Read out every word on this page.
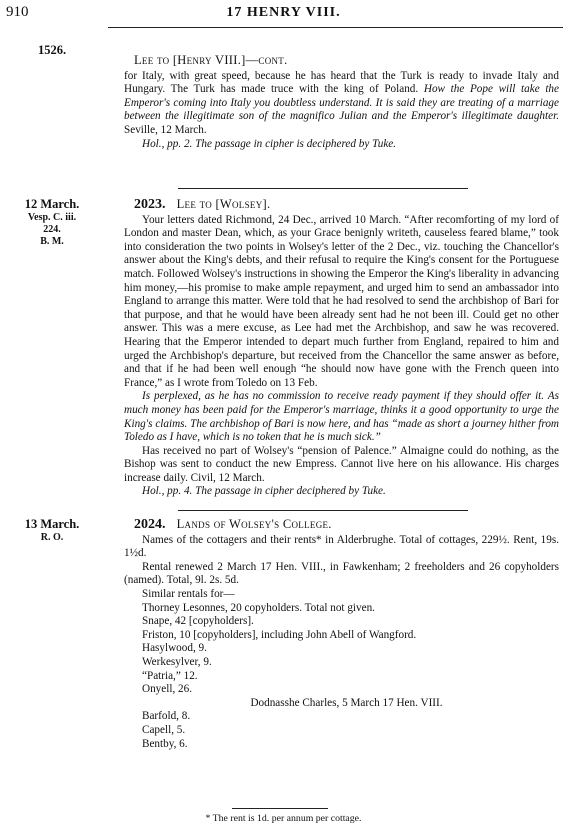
910	17 HENRY VIII.
1526.
Lee to [Henry VIII.]—cont.

for Italy, with great speed, because he has heard that the Turk is ready to invade Italy and Hungary. The Turk has made truce with the king of Poland. How the Pope will take the Emperor's coming into Italy you doubtless understand. It is said they are treating of a marriage between the illegitimate son of the magnifico Julian and the Emperor's illegitimate daughter. Seville, 12 March.

Hol., pp. 2. The passage in cipher is deciphered by Tuke.

12 March.
Vesp. C. iii.
224.
B. M.
2023. Lee to [Wolsey].

Your letters dated Richmond, 24 Dec., arrived 10 March. “After recomforting of my lord of London and master Dean, which, as your Grace benignly writeth, causeless feared blame,” took into consideration the two points in Wolsey's letter of the 2 Dec., viz. touching the Chancellor's answer about the King's debts, and their refusal to require the King's consent for the Portuguese match. Followed Wolsey's instructions in showing the Emperor the King's liberality in advancing him money,—his promise to make ample repayment, and urged him to send an ambassador into England to arrange this matter. Were told that he had resolved to send the archbishop of Bari for that purpose, and that he would have been already sent had he not been ill. Could get no other answer. This was a mere excuse, as Lee had met the Archbishop, and saw he was recovered. Hearing that the Emperor intended to depart much further from England, repaired to him and urged the Archbishop's departure, but received from the Chancellor the same answer as before, and that if he had been well enough “he should now have gone with the French queen into France,” as I wrote from Toledo on 13 Feb.

Is perplexed, as he has no commission to receive ready payment if they should offer it. As much money has been paid for the Emperor's marriage, thinks it a good opportunity to urge the King's claims. The archbishop of Bari is now here, and has “made as short a journey hither from Toledo as I have, which is no token that he is much sick.”

Has received no part of Wolsey's “pension of Palence.” Almaigne could do nothing, as the Bishop was sent to conduct the new Empress. Cannot live here on his allowance. His charges increase daily. Civil, 12 March.

Hol., pp. 4. The passage in cipher deciphered by Tuke.

13 March.
R. O.
2024. Lands of Wolsey's College.

Names of the cottagers and their rents* in Alderbrughe. Total of cottages, 229½. Rent, 19s. 1½d.

Rental renewed 2 March 17 Hen. VIII., in Fawkenham; 2 freeholders and 26 copyholders (named). Total, 9l. 2s. 5d.

Similar rentals for—

Thorney Lesonnes, 20 copyholders. Total not given.

Snape, 42 [copyholders].

Friston, 10 [copyholders], including John Abell of Wangford.

Hasylwood, 9.

Werkesylver, 9.

“Patria,” 12.

Onyell, 26.

Dodnasshe Charles, 5 March 17 Hen. VIII.

Barfold, 8.

Capell, 5.

Bentby, 6.

* The rent is 1d. per annum per cottage.
